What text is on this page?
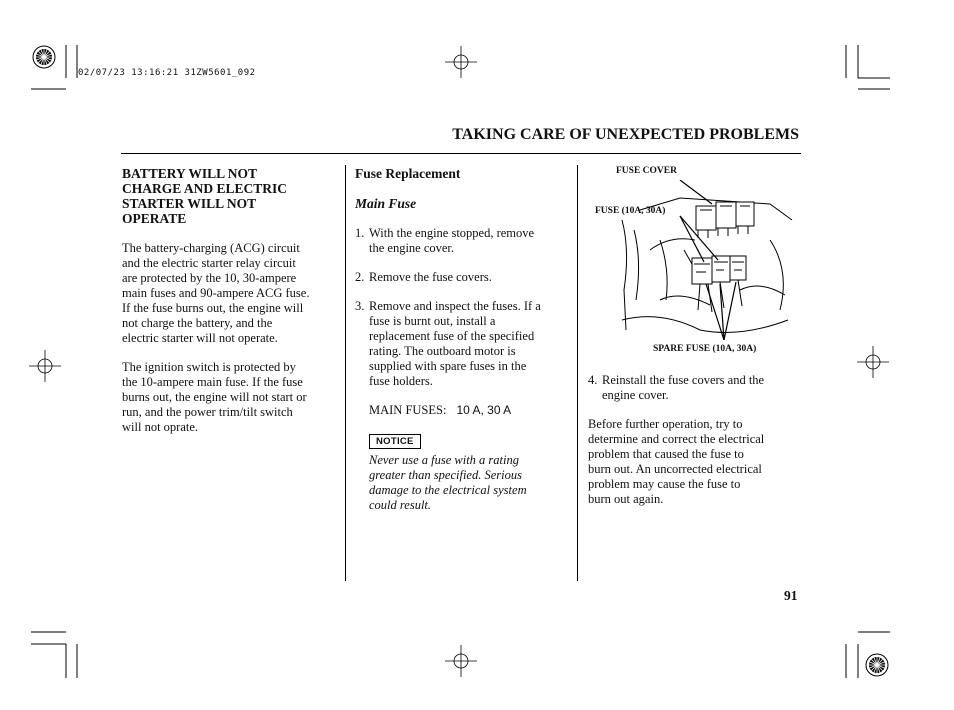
02/07/23 13:16:21 31ZW5601_092
TAKING CARE OF UNEXPECTED PROBLEMS
BATTERY WILL NOT
CHARGE AND ELECTRIC
STARTER WILL NOT
OPERATE
The battery-charging (ACG) circuit
and the electric starter relay circuit
are protected by the 10, 30-ampere
main fuses and 90-ampere ACG fuse.
If the fuse burns out, the engine will
not charge the battery, and the
electric starter will not operate.
The ignition switch is protected by
the 10-ampere main fuse. If the fuse
burns out, the engine will not start or
run, and the power trim/tilt switch
will not oprate.
Fuse Replacement
Main Fuse
1. With the engine stopped, remove
the engine cover.
2. Remove the fuse covers.
3. Remove and inspect the fuses. If a
fuse is burnt out, install a
replacement fuse of the specified
rating. The outboard motor is
supplied with spare fuses in the
fuse holders.
MAIN FUSES: 10 A, 30 A
NOTICE
Never use a fuse with a rating
greater than specified. Serious
damage to the electrical system
could result.
FUSE COVER
FUSE (10A, 30A)
SPARE FUSE (10A, 30A)
4. Reinstall the fuse covers and the
engine cover.
Before further operation, try to
determine and correct the electrical
problem that caused the fuse to
burn out. An uncorrected electrical
problem may cause the fuse to
burn out again.
91
